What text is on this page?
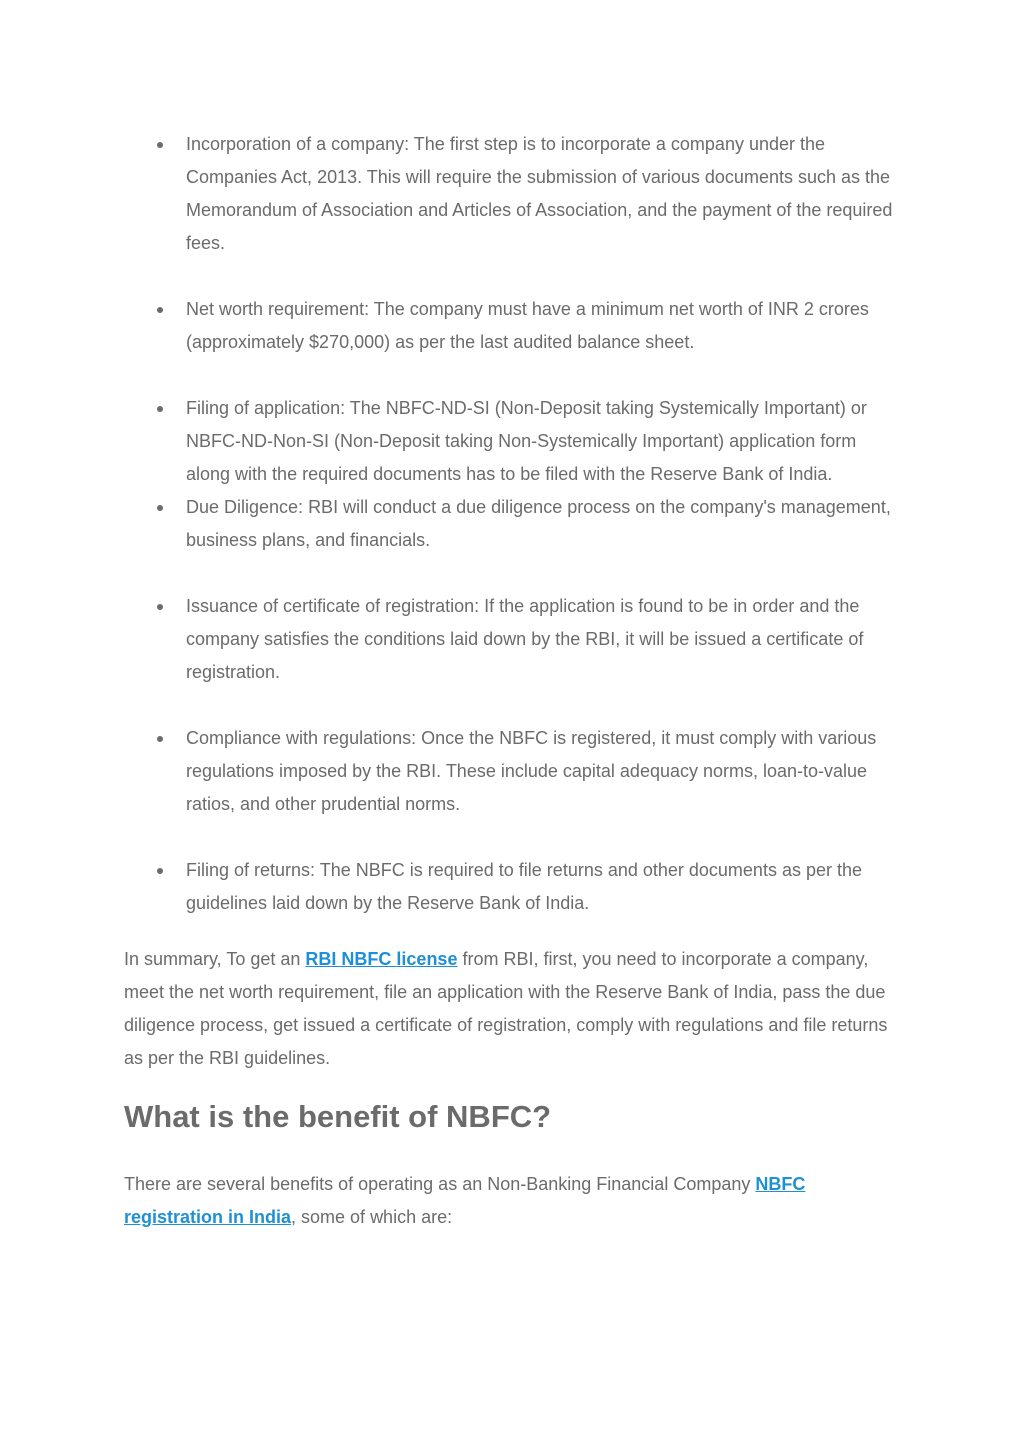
Incorporation of a company: The first step is to incorporate a company under the Companies Act, 2013. This will require the submission of various documents such as the Memorandum of Association and Articles of Association, and the payment of the required fees.
Net worth requirement: The company must have a minimum net worth of INR 2 crores (approximately $270,000) as per the last audited balance sheet.
Filing of application: The NBFC-ND-SI (Non-Deposit taking Systemically Important) or NBFC-ND-Non-SI (Non-Deposit taking Non-Systemically Important) application form along with the required documents has to be filed with the Reserve Bank of India.
Due Diligence: RBI will conduct a due diligence process on the company's management, business plans, and financials.
Issuance of certificate of registration: If the application is found to be in order and the company satisfies the conditions laid down by the RBI, it will be issued a certificate of registration.
Compliance with regulations: Once the NBFC is registered, it must comply with various regulations imposed by the RBI. These include capital adequacy norms, loan-to-value ratios, and other prudential norms.
Filing of returns: The NBFC is required to file returns and other documents as per the guidelines laid down by the Reserve Bank of India.

In summary, To get an RBI NBFC license from RBI, first, you need to incorporate a company, meet the net worth requirement, file an application with the Reserve Bank of India, pass the due diligence process, get issued a certificate of registration, comply with regulations and file returns as per the RBI guidelines.

What is the benefit of NBFC?

There are several benefits of operating as an Non-Banking Financial Company NBFC registration in India, some of which are:
